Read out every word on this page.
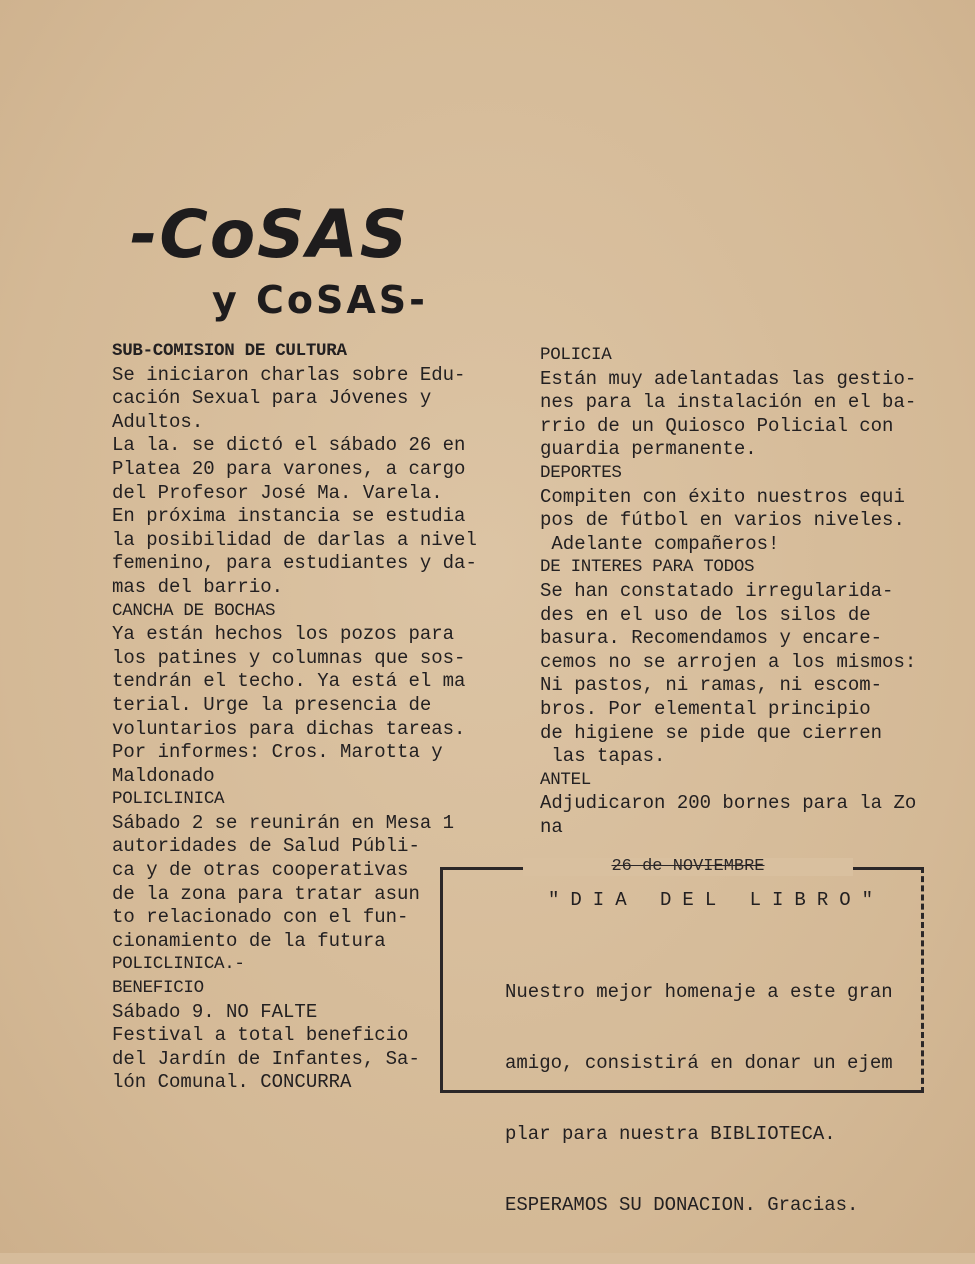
-CoSAS
y CoSAS-
SUB-COMISION DE CULTURA
Se iniciaron charlas sobre Edu-
cación Sexual para Jóvenes y
Adultos.
La la. se dictó el sábado 26 en
Platea 20 para varones, a cargo
del Profesor José Ma. Varela.
En próxima instancia se estudia
la posibilidad de darlas a nivel
femenino, para estudiantes y da-
mas del barrio.
CANCHA DE BOCHAS
Ya están hechos los pozos para
los patines y columnas que sos-
tendrán el techo. Ya está el ma
terial. Urge la presencia de
voluntarios para dichas tareas.
Por informes: Cros. Marotta y
Maldonado
POLICLINICA
Sábado 2 se reunirán en Mesa 1
autoridades de Salud Públi-
ca y de otras cooperativas
de la zona para tratar asun
to relacionado con el fun-
cionamiento de la futura
POLICLINICA.-
BENEFICIO
Sábado 9. NO FALTE
Festival a total beneficio
del Jardín de Infantes, Sa-
lón Comunal. CONCURRA
POLICIA
Están muy adelantadas las gestio-
nes para la instalación en el ba-
rrio de un Quiosco Policial con
guardia permanente.
DEPORTES
Compiten con éxito nuestros equi
pos de fútbol en varios niveles.
Adelante compañeros!
DE INTERES PARA TODOS
Se han constatado irregularida-
des en el uso de los silos de
basura. Recomendamos y encare-
cemos no se arrojen a los mismos:
Ni pastos, ni ramas, ni escom-
bros. Por elemental principio
de higiene se pide que cierren
las tapas.
ANTEL
Adjudicaron 200 bornes para la Zo
na
26 de NOVIEMBRE
"DIA DEL LIBRO"

Nuestro mejor homenaje a este gran

amigo, consistirá en donar un ejem

plar para nuestra BIBLIOTECA.

ESPERAMOS SU DONACION. Gracias.
